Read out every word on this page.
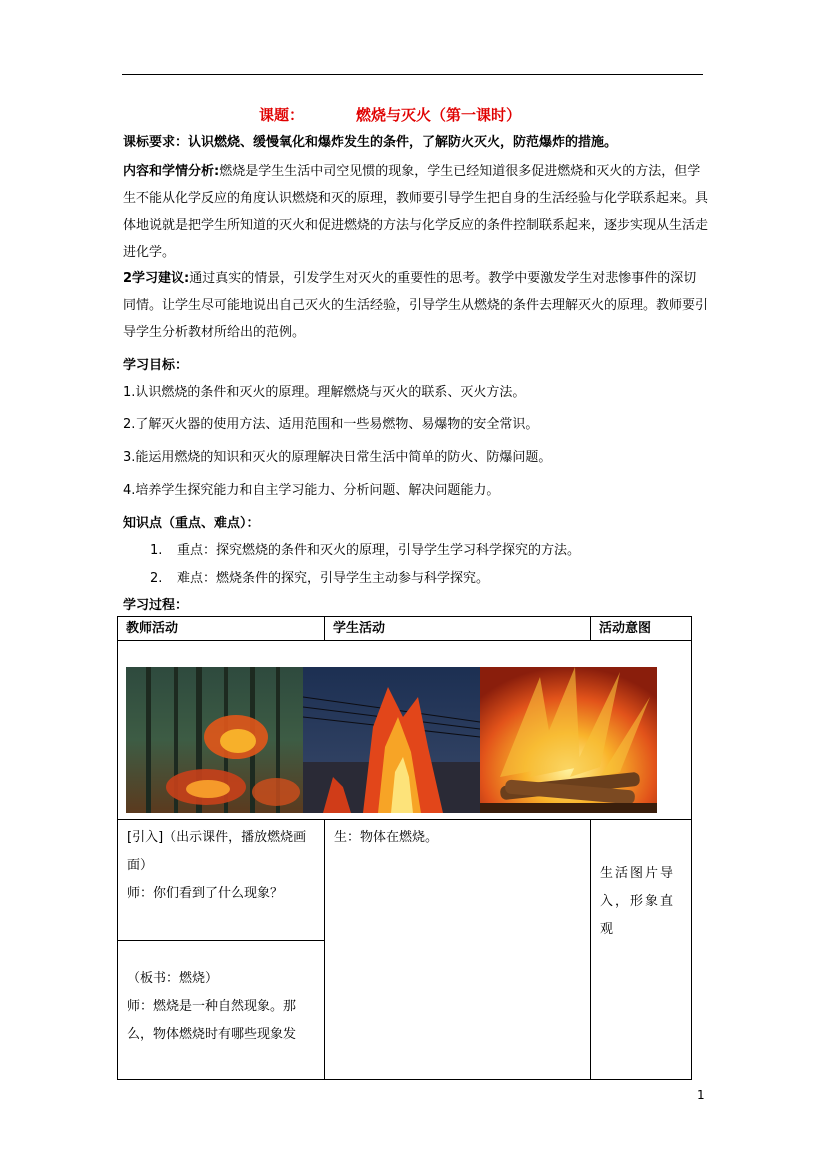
课题：	燃烧与灭火（第一课时）
课标要求：认识燃烧、缓慢氧化和爆炸发生的条件，了解防火灭火，防范爆炸的措施。
内容和学情分析:燃烧是学生生活中司空见惯的现象，学生已经知道很多促进燃烧和灭火的方法，但学生不能从化学反应的角度认识燃烧和灭的原理，教师要引导学生把自身的生活经验与化学联系起来。具体地说就是把学生所知道的灭火和促进燃烧的方法与化学反应的条件控制联系起来，逐步实现从生活走进化学。
2学习建议:通过真实的情景，引发学生对灭火的重要性的思考。教学中要激发学生对悲惨事件的深切同情。让学生尽可能地说出自己灭火的生活经验，引导学生从燃烧的条件去理解灭火的原理。教师要引导学生分析教材所给出的范例。
学习目标：
1.认识燃烧的条件和灭火的原理。理解燃烧与灭火的联系、灭火方法。
2.了解灭火器的使用方法、适用范围和一些易燃物、易爆物的安全常识。
3.能运用燃烧的知识和灭火的原理解决日常生活中简单的防火、防爆问题。
4.培养学生探究能力和自主学习能力、分析问题、解决问题能力。
知识点（重点、难点）：
1. 重点：探究燃烧的条件和灭火的原理，引导学生学习科学探究的方法。
2. 难点：燃烧条件的探究，引导学生主动参与科学探究。
学习过程：
教师活动	学生活动	活动意图

[引入]（出示课件，播放燃烧画面）
师：你们看到了什么现象？	生：物体在燃烧。	生活图片导入，形象直观

（板书：燃烧）
师：燃烧是一种自然现象。那么，物体燃烧时有哪些现象发		
1
